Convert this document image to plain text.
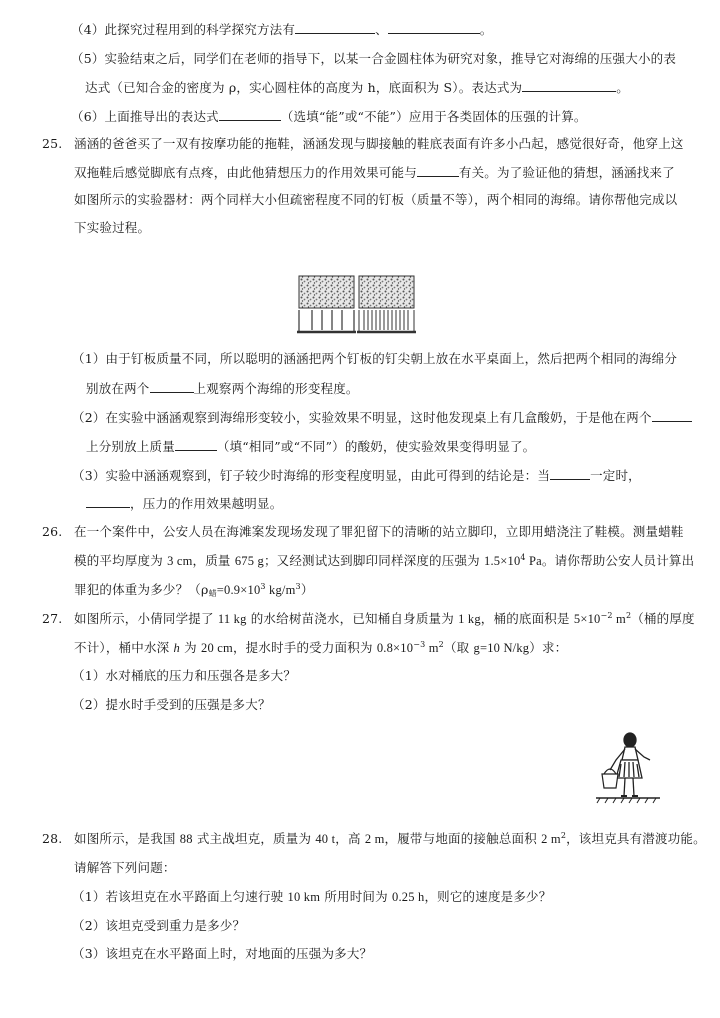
（4）此探究过程用到的科学探究方法有	、	。
（5）实验结束之后，同学们在老师的指导下，以某一合金圆柱体为研究对象，推导它对海绵的压强大小的表
达式（已知合金的密度为 ρ，实心圆柱体的高度为 h，底面积为 S）。表达式为	。
（6）上面推导出的表达式	（选填“能”或“不能”）应用于各类固体的压强的计算。
25. 涵涵的爸爸买了一双有按摩功能的拖鞋，涵涵发现与脚接触的鞋底表面有许多小凸起，感觉很好奇，他穿上这
双拖鞋后感觉脚底有点疼，由此他猜想压力的作用效果可能与	有关。为了验证他的猜想，涵涵找来了
如图所示的实验器材：两个同样大小但疏密程度不同的钉板（质量不等），两个相同的海绵。请你帮他完成以
下实验过程。
（1）由于钉板质量不同，所以聪明的涵涵把两个钉板的钉尖朝上放在水平桌面上，然后把两个相同的海绵分
别放在两个	上观察两个海绵的形变程度。
（2）在实验中涵涵观察到海绵形变较小，实验效果不明显，这时他发现桌上有几盒酸奶，于是他在两个
上分别放上质量	（填“相同”或“不同”）的酸奶，使实验效果变得明显了。
（3）实验中涵涵观察到，钉子较少时海绵的形变程度明显，由此可得到的结论是：当	一定时，
，压力的作用效果越明显。
26. 在一个案件中，公安人员在海滩案发现场发现了罪犯留下的清晰的站立脚印，立即用蜡浇注了鞋模。测量蜡鞋
模的平均厚度为 3 cm，质量 675 g；又经测试达到脚印同样深度的压强为 $1.5\times 10^4$ Pa。请你帮助公安人员计算出
罪犯的体重为多少？（$\rho_蜡=0.9\times 10^3$ $kg/m^3$）
27. 如图所示，小倩同学提了 11 kg 的水给树苗浇水，已知桶自身质量为 1 kg，桶的底面积是 $5\times 10^{-2}$ $m^2$（桶的厚度
不计），桶中水深 h 为 20 cm，提水时手的受力面积为 $0.8\times 10^{-3}$ $m^2$（取 g=10 N/kg）求：
（1）水对桶底的压力和压强各是多大？
（2）提水时手受到的压强是多大？
28. 如图所示，是我国 88 式主战坦克，质量为 40 t，高 2 m，履带与地面的接触总面积 2 $m^2$，该坦克具有潜渡功能。
请解答下列问题：
（1）若该坦克在水平路面上匀速行驶 10 km 所用时间为 0.25 h，则它的速度是多少？
（2）该坦克受到重力是多少？
（3）该坦克在水平路面上时，对地面的压强为多大？
